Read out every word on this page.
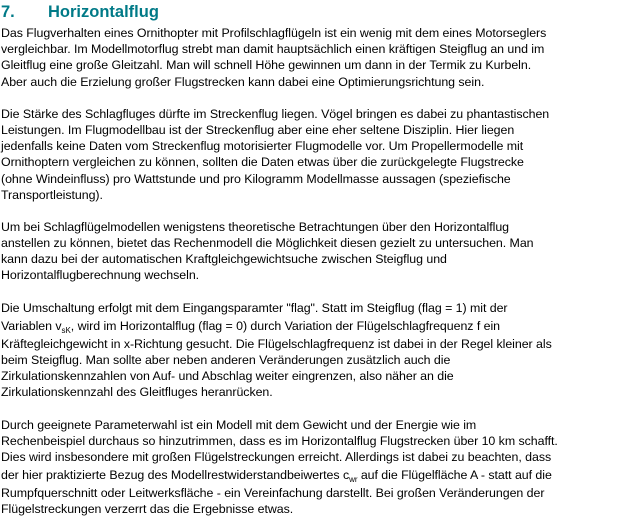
7. Horizontalflug

Das Flugverhalten eines Ornithopter mit Profilschlagflügeln ist ein wenig mit dem eines Motorseglers
vergleichbar. Im Modellmotorflug strebt man damit hauptsächlich einen kräftigen Steigflug an und im
Gleitflug eine große Gleitzahl. Man will schnell Höhe gewinnen um dann in der Termik zu Kurbeln.
Aber auch die Erzielung großer Flugstrecken kann dabei eine Optimierungsrichtung sein.

Die Stärke des Schlagfluges dürfte im Streckenflug liegen. Vögel bringen es dabei zu phantastischen
Leistungen. Im Flugmodellbau ist der Streckenflug aber eine eher seltene Disziplin. Hier liegen
jedenfalls keine Daten vom Streckenflug motorisierter Flugmodelle vor. Um Propellermodelle mit
Ornithoptern vergleichen zu können, sollten die Daten etwas über die zurückgelegte Flugstrecke
(ohne Windeinfluss) pro Wattstunde und pro Kilogramm Modellmasse aussagen (speziefische
Transportleistung).

Um bei Schlagflügelmodellen wenigstens theoretische Betrachtungen über den Horizontalflug
anstellen zu können, bietet das Rechenmodell die Möglichkeit diesen gezielt zu untersuchen. Man
kann dazu bei der automatischen Kraftgleichgewichtsuche zwischen Steigflug und
Horizontalflugberechnung wechseln.

Die Umschaltung erfolgt mit dem Eingangsparamter "flag". Statt im Steigflug (flag = 1) mit der
Variablen $v_{sK}$, wird im Horizontalflug (flag = 0) durch Variation der Flügelschlagfrequenz f ein
Kräftegleichgewicht in x-Richtung gesucht. Die Flügelschlagfrequenz ist dabei in der Regel kleiner als
beim Steigflug. Man sollte aber neben anderen Veränderungen zusätzlich auch die
Zirkulationskennzahlen von Auf- und Abschlag weiter eingrenzen, also näher an die
Zirkulationskennzahl des Gleitfluges heranrücken.

Durch geeignete Parameterwahl ist ein Modell mit dem Gewicht und der Energie wie im
Rechenbeispiel durchaus so hinzutrimmen, dass es im Horizontalflug Flugstrecken über 10 km schafft.
Dies wird insbesondere mit großen Flügelstreckungen erreicht. Allerdings ist dabei zu beachten, dass
der hier praktizierte Bezug des Modellrestwiderstandbeiwertes $c_{wr}$ auf die Flügelfläche A - statt auf die
Rumpfquerschnitt oder Leitwerksfläche - ein Vereinfachung darstellt. Bei großen Veränderungen der
Flügelstreckungen verzerrt das die Ergebnisse etwas.
